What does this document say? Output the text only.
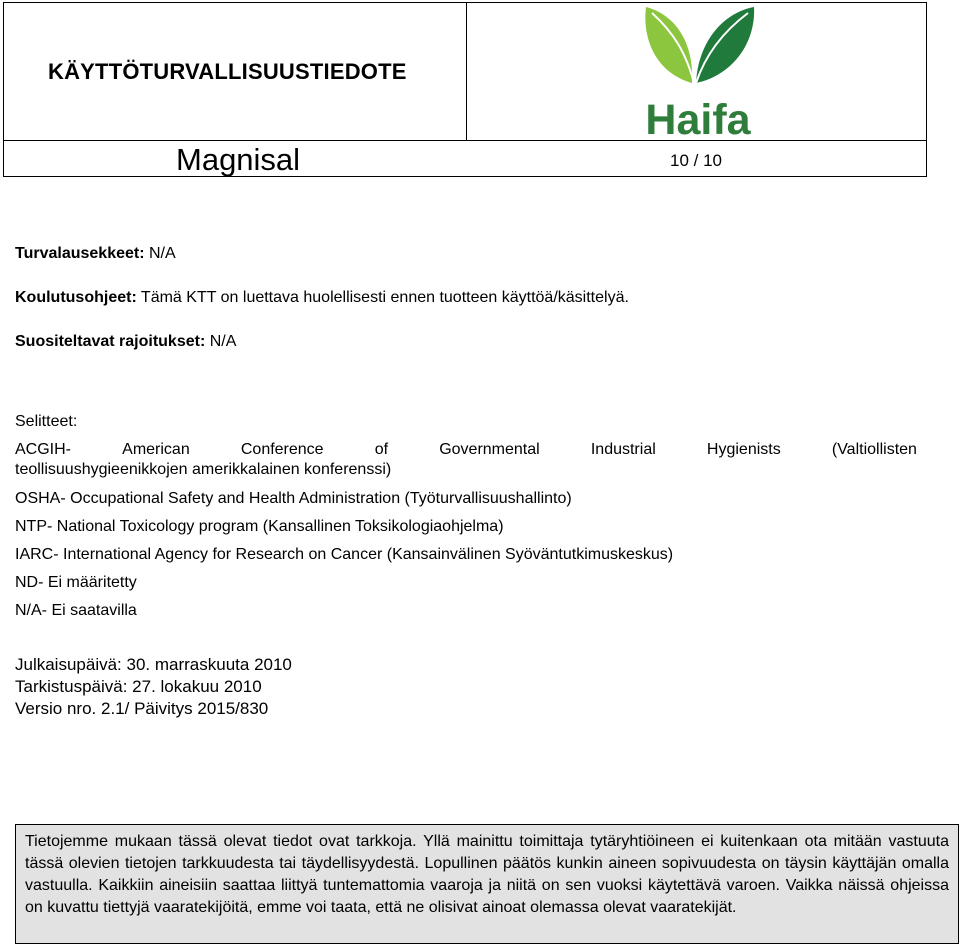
KÄYTTÖTURVALLISUUSTIEDOTE
Haifa
Magnisal	10 / 10
Turvalausekkeet: N/A
Koulutusohjeet: Tämä KTT on luettava huolellisesti ennen tuotteen käyttöä/käsittelyä.
Suositeltavat rajoitukset: N/A
Selitteet:
ACGIH-	American	Conference	of	Governmental	Industrial	Hygienists	(Valtiollisten
teollisuushygieenikkojen amerikkalainen konferenssi)
OSHA- Occupational Safety and Health Administration (Työturvallisuushallinto)
NTP- National Toxicology program (Kansallinen Toksikologiaohjelma)
IARC- International Agency for Research on Cancer (Kansainvälinen Syöväntutkimuskeskus)
ND- Ei määritetty
N/A- Ei saatavilla
Julkaisupäivä: 30. marraskuuta 2010
Tarkistuspäivä: 27. lokakuu 2010
Versio nro. 2.1/ Päivitys 2015/830

Tietojemme mukaan tässä olevat tiedot ovat tarkkoja. Yllä mainittu toimittaja tytäryhtiöineen ei kuitenkaan ota mitään vastuuta tässä olevien tietojen tarkkuudesta tai täydellisyydestä. Lopullinen päätös kunkin aineen sopivuudesta on täysin käyttäjän omalla vastuulla. Kaikkiin aineisiin saattaa liittyä tuntemattomia vaaroja ja niitä on sen vuoksi käytettävä varoen. Vaikka näissä ohjeissa on kuvattu tiettyjä vaaratekijöitä, emme voi taata, että ne olisivat ainoat olemassa olevat vaaratekijät.
